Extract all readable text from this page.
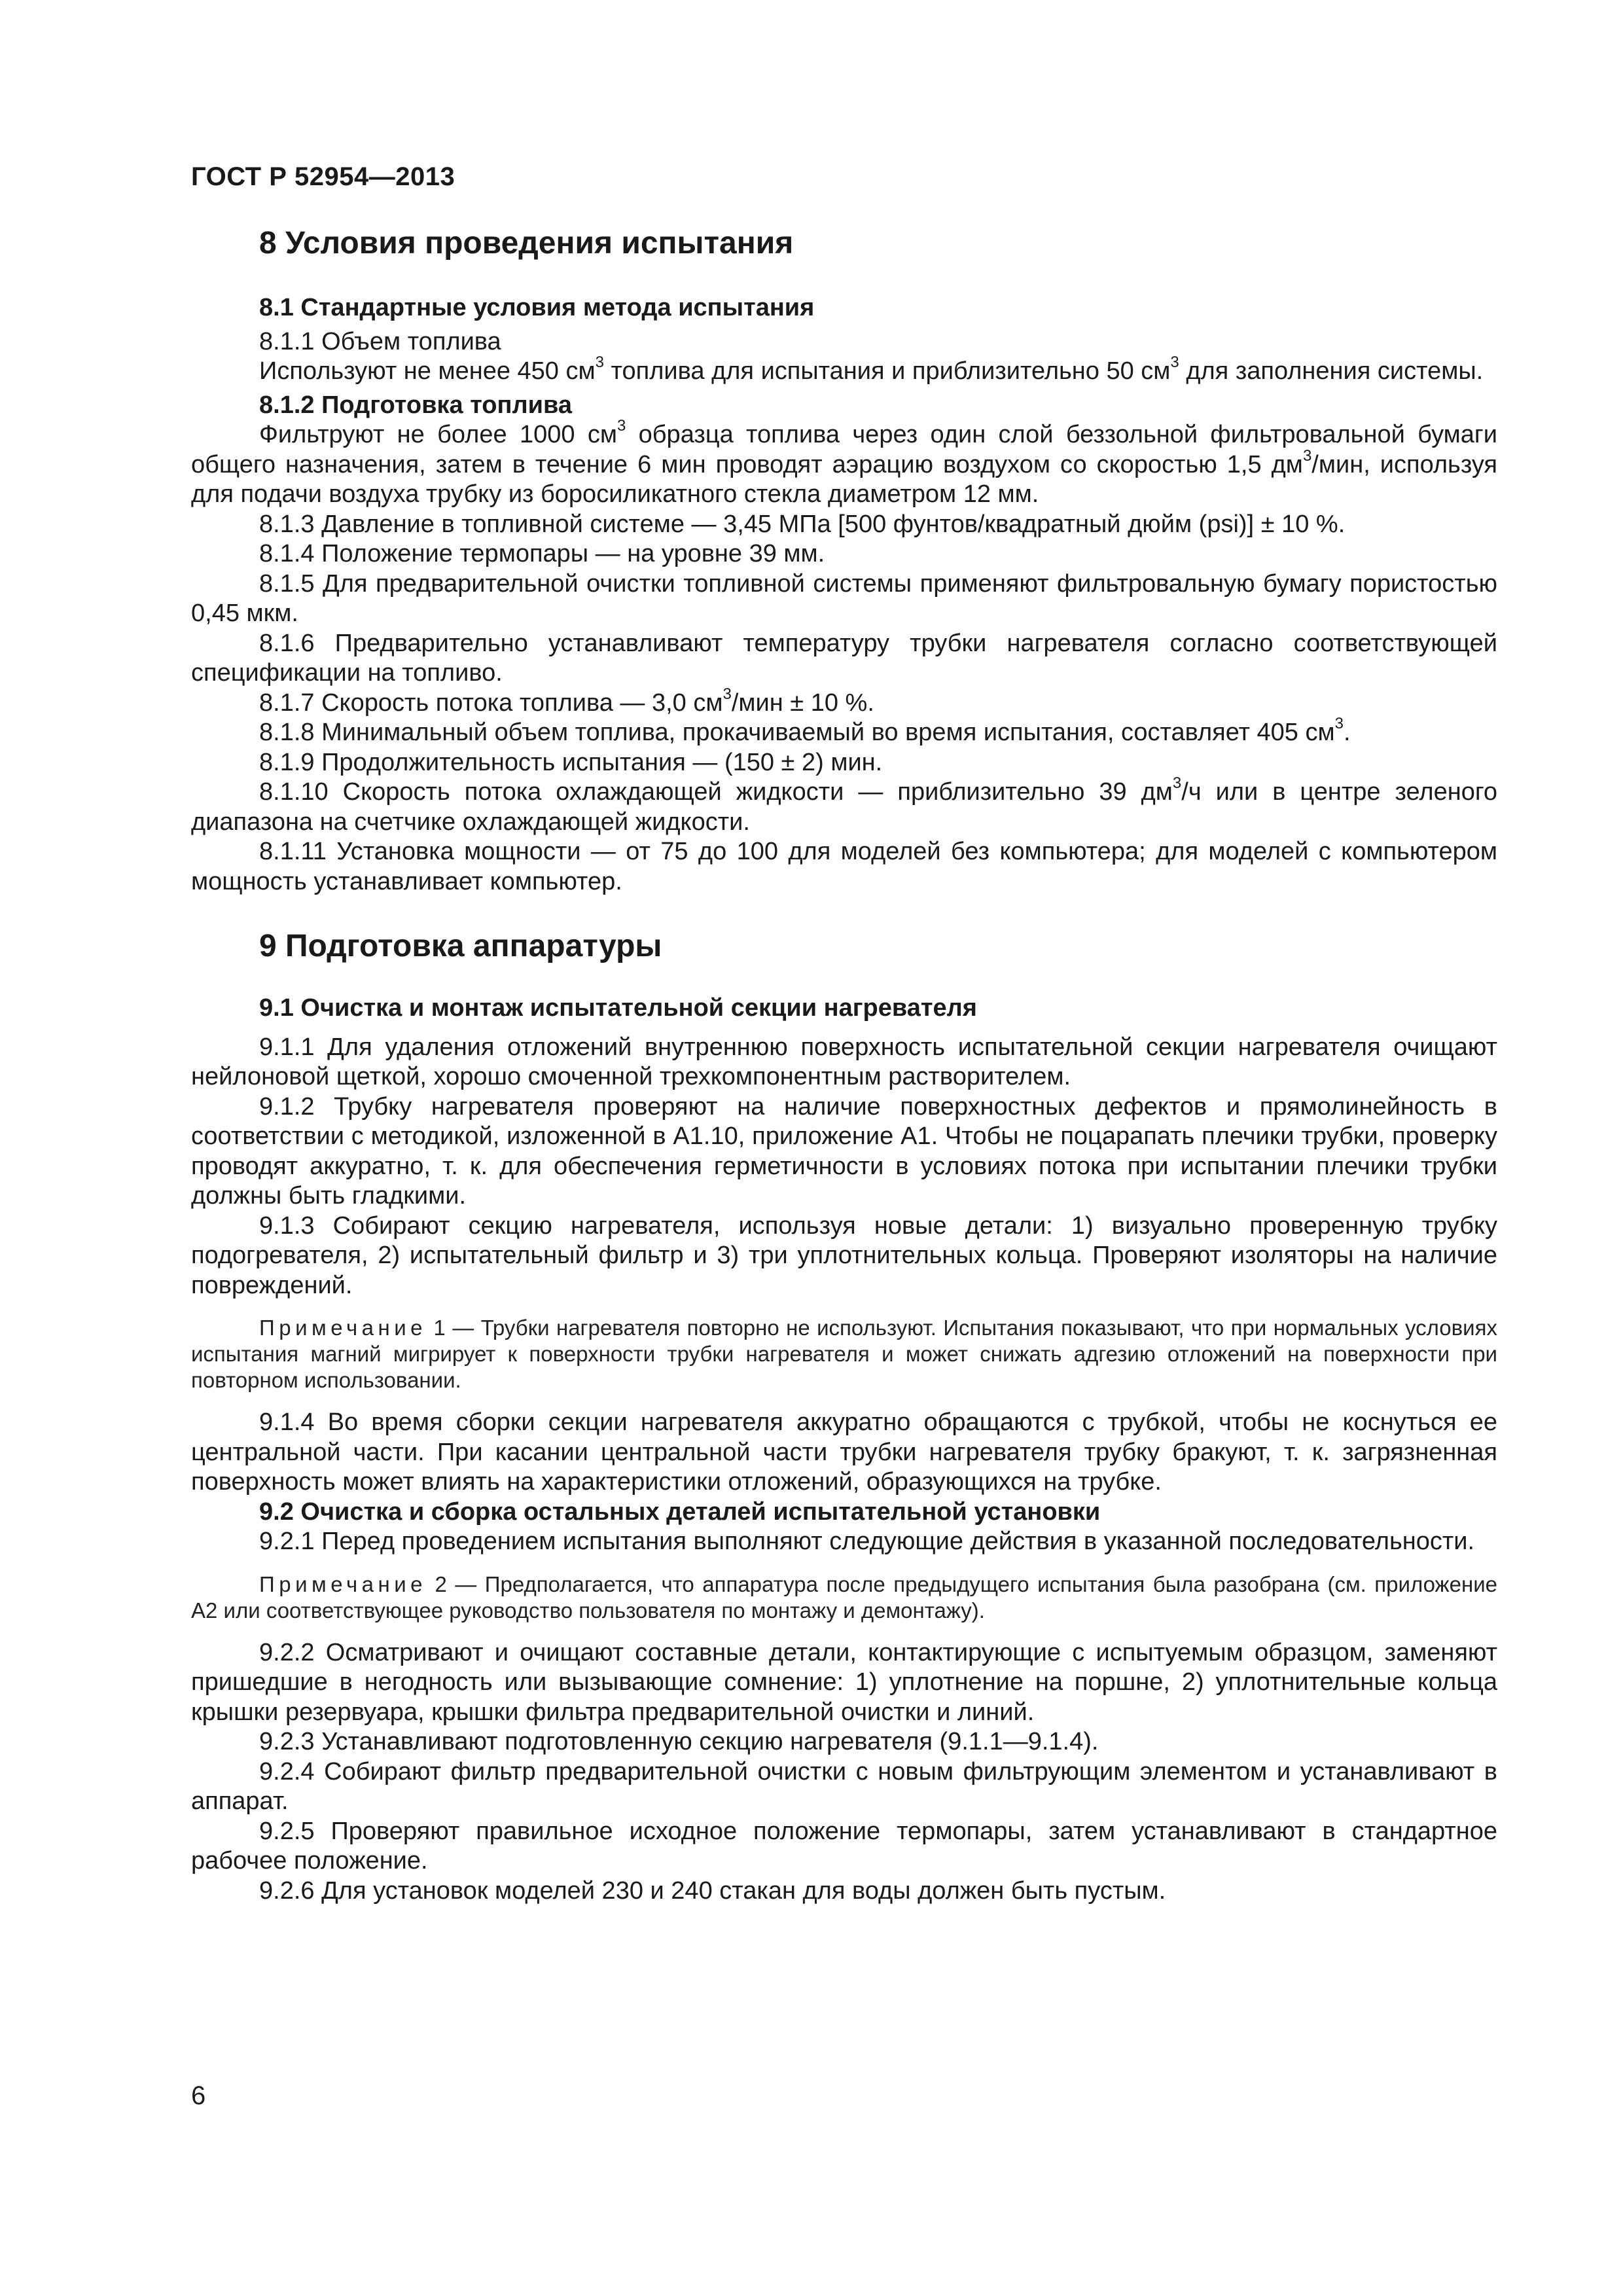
ГОСТ Р 52954—2013
8 Условия проведения испытания
8.1 Стандартные условия метода испытания

8.1.1 Объем топлива

Используют не менее 450 $см^3$ топлива для испытания и приблизительно 50 $см^3$ для заполнения системы.

8.1.2 Подготовка топлива

Фильтруют не более 1000 $см^3$ образца топлива через один слой беззольной фильтровальной бумаги общего назначения, затем в течение 6 мин проводят аэрацию воздухом со скоростью 1,5 $дм^3$/мин, используя для подачи воздуха трубку из боросиликатного стекла диаметром 12 мм.

8.1.3 Давление в топливной системе — 3,45 МПа [500 фунтов/квадратный дюйм (psi)] ± 10 %.

8.1.4 Положение термопары — на уровне 39 мм.

8.1.5 Для предварительной очистки топливной системы применяют фильтровальную бумагу пористостью 0,45 мкм.

8.1.6 Предварительно устанавливают температуру трубки нагревателя согласно соответствующей спецификации на топливо.

8.1.7 Скорость потока топлива — 3,0 $см^3$/мин ± 10 %.

8.1.8 Минимальный объем топлива, прокачиваемый во время испытания, составляет 405 $см^3$.

8.1.9 Продолжительность испытания — (150 ± 2) мин.

8.1.10 Скорость потока охлаждающей жидкости — приблизительно 39 $дм^3/ч$ или в центре зеленого диапазона на счетчике охлаждающей жидкости.

8.1.11 Установка мощности — от 75 до 100 для моделей без компьютера; для моделей с компьютером мощность устанавливает компьютер.

9 Подготовка аппаратуры
9.1 Очистка и монтаж испытательной секции нагревателя

9.1.1 Для удаления отложений внутреннюю поверхность испытательной секции нагревателя очищают нейлоновой щеткой, хорошо смоченной трехкомпонентным растворителем.

9.1.2 Трубку нагревателя проверяют на наличие поверхностных дефектов и прямолинейность в соответствии с методикой, изложенной в А1.10, приложение А1. Чтобы не поцарапать плечики трубки, проверку проводят аккуратно, т. к. для обеспечения герметичности в условиях потока при испытании плечики трубки должны быть гладкими.

9.1.3 Собирают секцию нагревателя, используя новые детали: 1) визуально проверенную трубку подогревателя, 2) испытательный фильтр и 3) три уплотнительных кольца. Проверяют изоляторы на наличие повреждений.

Примечание 1 — Трубки нагревателя повторно не используют. Испытания показывают, что при нормальных условиях испытания магний мигрирует к поверхности трубки нагревателя и может снижать адгезию отложений на поверхности при повторном использовании.

9.1.4 Во время сборки секции нагревателя аккуратно обращаются с трубкой, чтобы не коснуться ее центральной части. При касании центральной части трубки нагревателя трубку бракуют, т. к. загрязненная поверхность может влиять на характеристики отложений, образующихся на трубке.

9.2 Очистка и сборка остальных деталей испытательной установки

9.2.1 Перед проведением испытания выполняют следующие действия в указанной последовательности.

Примечание 2 — Предполагается, что аппаратура после предыдущего испытания была разобрана (см. приложение А2 или соответствующее руководство пользователя по монтажу и демонтажу).

9.2.2 Осматривают и очищают составные детали, контактирующие с испытуемым образцом, заменяют пришедшие в негодность или вызывающие сомнение: 1) уплотнение на поршне, 2) уплотнительные кольца крышки резервуара, крышки фильтра предварительной очистки и линий.

9.2.3 Устанавливают подготовленную секцию нагревателя (9.1.1—9.1.4).

9.2.4 Собирают фильтр предварительной очистки с новым фильтрующим элементом и устанавливают в аппарат.

9.2.5 Проверяют правильное исходное положение термопары, затем устанавливают в стандартное рабочее положение.

9.2.6 Для установок моделей 230 и 240 стакан для воды должен быть пустым.

6
